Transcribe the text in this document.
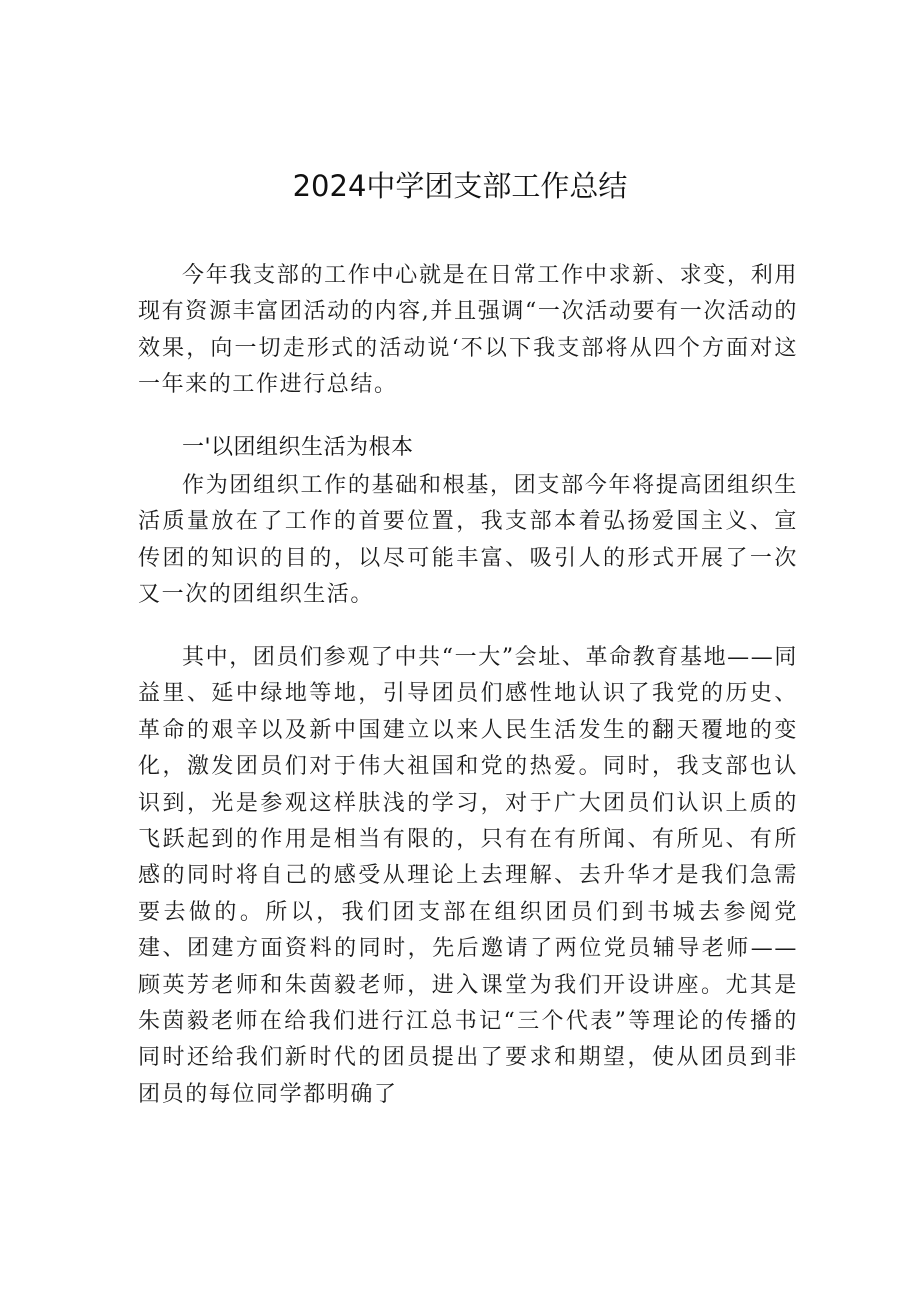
2024中学团支部工作总结

今年我支部的工作中心就是在日常工作中求新、求变，利用现有资源丰富团活动的内容,并且强调“一次活动要有一次活动的效果，向一切走形式的活动说‘不以下我支部将从四个方面对这一年来的工作进行总结。

一'以团组织生活为根本

作为团组织工作的基础和根基，团支部今年将提高团组织生活质量放在了工作的首要位置，我支部本着弘扬爱国主义、宣传团的知识的目的，以尽可能丰富、吸引人的形式开展了一次又一次的团组织生活。

其中，团员们参观了中共“一大”会址、革命教育基地——同益里、延中绿地等地，引导团员们感性地认识了我党的历史、革命的艰辛以及新中国建立以来人民生活发生的翻天覆地的变化，激发团员们对于伟大祖国和党的热爱。同时，我支部也认识到，光是参观这样肤浅的学习，对于广大团员们认识上质的飞跃起到的作用是相当有限的，只有在有所闻、有所见、有所感的同时将自己的感受从理论上去理解、去升华才是我们急需要去做的。所以，我们团支部在组织团员们到书城去参阅党建、团建方面资料的同时，先后邀请了两位党员辅导老师——顾英芳老师和朱茵毅老师，进入课堂为我们开设讲座。尤其是朱茵毅老师在给我们进行江总书记“三个代表”等理论的传播的同时还给我们新时代的团员提出了要求和期望，使从团员到非团员的每位同学都明确了
